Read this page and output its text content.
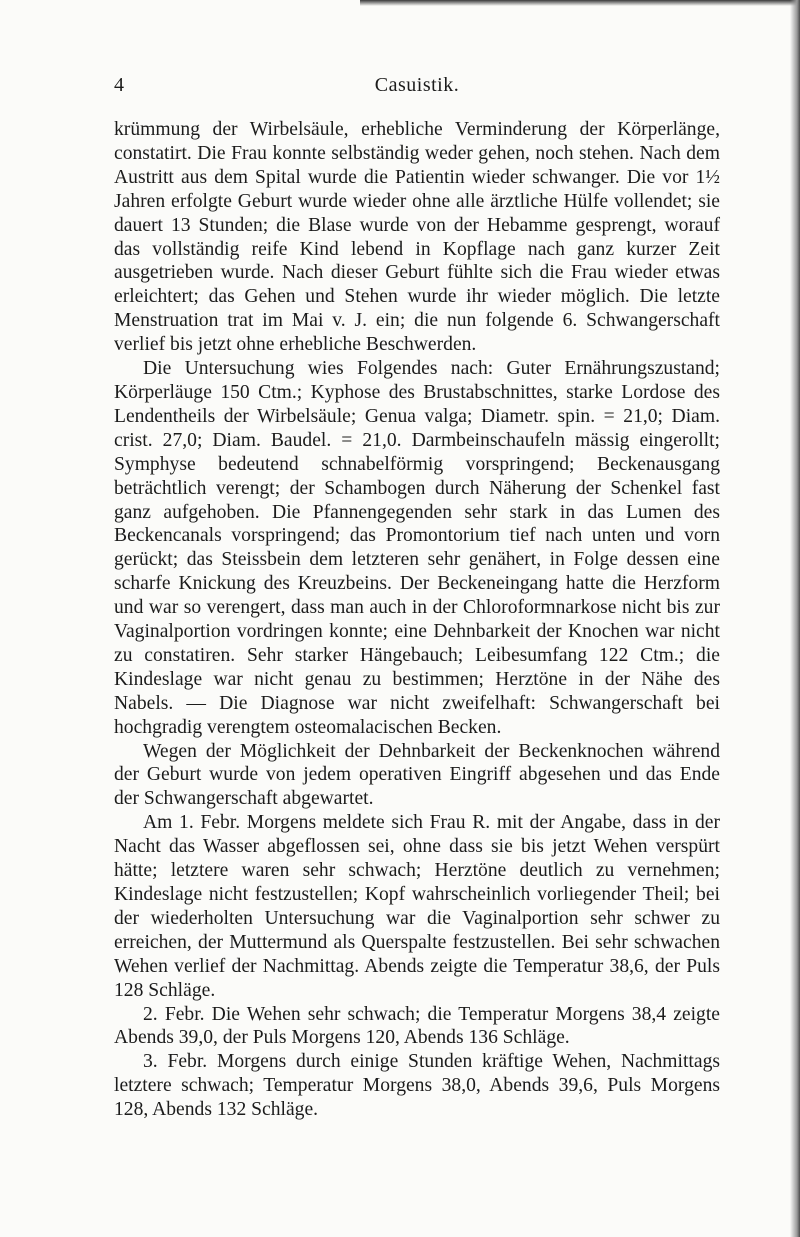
4	Casuistik.

krümmung der Wirbelsäule, erhebliche Verminderung der Körperlänge, constatirt. Die Frau konnte selbständig weder gehen, noch stehen. Nach dem Austritt aus dem Spital wurde die Patientin wieder schwanger. Die vor 1½ Jahren erfolgte Geburt wurde wieder ohne alle ärztliche Hülfe vollendet; sie dauert 13 Stunden; die Blase wurde von der Hebamme gesprengt, worauf das vollständig reife Kind lebend in Kopflage nach ganz kurzer Zeit ausgetrieben wurde. Nach dieser Geburt fühlte sich die Frau wieder etwas erleichtert; das Gehen und Stehen wurde ihr wieder möglich. Die letzte Menstruation trat im Mai v. J. ein; die nun folgende 6. Schwangerschaft verlief bis jetzt ohne erhebliche Beschwerden.

Die Untersuchung wies Folgendes nach: Guter Ernährungszustand; Körperläuge 150 Ctm.; Kyphose des Brustabschnittes, starke Lordose des Lendentheils der Wirbelsäule; Genua valga; Diametr. spin. = 21,0; Diam. crist. 27,0; Diam. Baudel. = 21,0. Darmbeinschaufeln mässig eingerollt; Symphyse bedeutend schnabelförmig vorspringend; Beckenausgang beträchtlich verengt; der Schambogen durch Näherung der Schenkel fast ganz aufgehoben. Die Pfannengegenden sehr stark in das Lumen des Beckencanals vorspringend; das Promontorium tief nach unten und vorn gerückt; das Steissbein dem letzteren sehr genähert, in Folge dessen eine scharfe Knickung des Kreuzbeins. Der Beckeneingang hatte die Herzform und war so verengert, dass man auch in der Chloroformnarkose nicht bis zur Vaginalportion vordringen konnte; eine Dehnbarkeit der Knochen war nicht zu constatiren. Sehr starker Hängebauch; Leibesumfang 122 Ctm.; die Kindeslage war nicht genau zu bestimmen; Herztöne in der Nähe des Nabels. — Die Diagnose war nicht zweifelhaft: Schwangerschaft bei hochgradig verengtem osteomalacischen Becken.

Wegen der Möglichkeit der Dehnbarkeit der Beckenknochen während der Geburt wurde von jedem operativen Eingriff abgesehen und das Ende der Schwangerschaft abgewartet.

Am 1. Febr. Morgens meldete sich Frau R. mit der Angabe, dass in der Nacht das Wasser abgeflossen sei, ohne dass sie bis jetzt Wehen verspürt hätte; letztere waren sehr schwach; Herztöne deutlich zu vernehmen; Kindeslage nicht festzustellen; Kopf wahrscheinlich vorliegender Theil; bei der wiederholten Untersuchung war die Vaginalportion sehr schwer zu erreichen, der Muttermund als Querspalte festzustellen. Bei sehr schwachen Wehen verlief der Nachmittag. Abends zeigte die Temperatur 38,6, der Puls 128 Schläge.

2. Febr. Die Wehen sehr schwach; die Temperatur Morgens 38,4 zeigte Abends 39,0, der Puls Morgens 120, Abends 136 Schläge.

3. Febr. Morgens durch einige Stunden kräftige Wehen, Nachmittags letztere schwach; Temperatur Morgens 38,0, Abends 39,6, Puls Morgens 128, Abends 132 Schläge.
